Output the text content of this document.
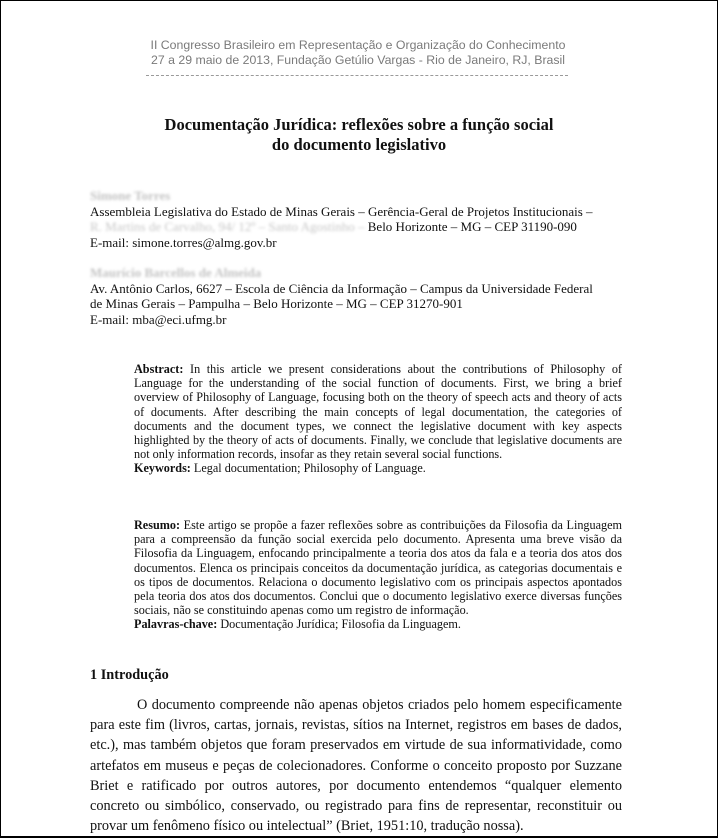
II Congresso Brasileiro em Representação e Organização do Conhecimento
27 a 29 maio de 2013, Fundação Getúlio Vargas - Rio de Janeiro, RJ, Brasil
Documentação Jurídica: reflexões sobre a função social
do documento legislativo
Simone Torres
Assembleia Legislativa do Estado de Minas Gerais – Gerência-Geral de Projetos Institucionais –
R. Martins de Carvalho, 94/ 12º – Santo Agostinho – Belo Horizonte – MG – CEP 31190-090
E-mail: simone.torres@almg.gov.br
Maurício Barcellos de Almeida
Av. Antônio Carlos, 6627 – Escola de Ciência da Informação – Campus da Universidade Federal
de Minas Gerais – Pampulha – Belo Horizonte – MG – CEP 31270-901
E-mail: mba@eci.ufmg.br
Abstract: In this article we present considerations about the contributions of Philosophy of Language for the understanding of the social function of documents. First, we bring a brief overview of Philosophy of Language, focusing both on the theory of speech acts and theory of acts of documents. After describing the main concepts of legal documentation, the categories of documents and the document types, we connect the legislative document with key aspects highlighted by the theory of acts of documents. Finally, we conclude that legislative documents are not only information records, insofar as they retain several social functions.
Keywords: Legal documentation; Philosophy of Language.
Resumo: Este artigo se propõe a fazer reflexões sobre as contribuições da Filosofia da Linguagem para a compreensão da função social exercida pelo documento. Apresenta uma breve visão da Filosofia da Linguagem, enfocando principalmente a teoria dos atos da fala e a teoria dos atos dos documentos. Elenca os principais conceitos da documentação jurídica, as categorias documentais e os tipos de documentos. Relaciona o documento legislativo com os principais aspectos apontados pela teoria dos atos dos documentos. Conclui que o documento legislativo exerce diversas funções sociais, não se constituindo apenas como um registro de informação.
Palavras-chave: Documentação Jurídica; Filosofia da Linguagem.
1 Introdução
O documento compreende não apenas objetos criados pelo homem especificamente para este fim (livros, cartas, jornais, revistas, sítios na Internet, registros em bases de dados, etc.), mas também objetos que foram preservados em virtude de sua informatividade, como artefatos em museus e peças de colecionadores. Conforme o conceito proposto por Suzzane Briet e ratificado por outros autores, por documento entendemos “qualquer elemento concreto ou simbólico, conservado, ou registrado para fins de representar, reconstituir ou provar um fenômeno físico ou intelectual” (Briet, 1951:10, tradução nossa).
